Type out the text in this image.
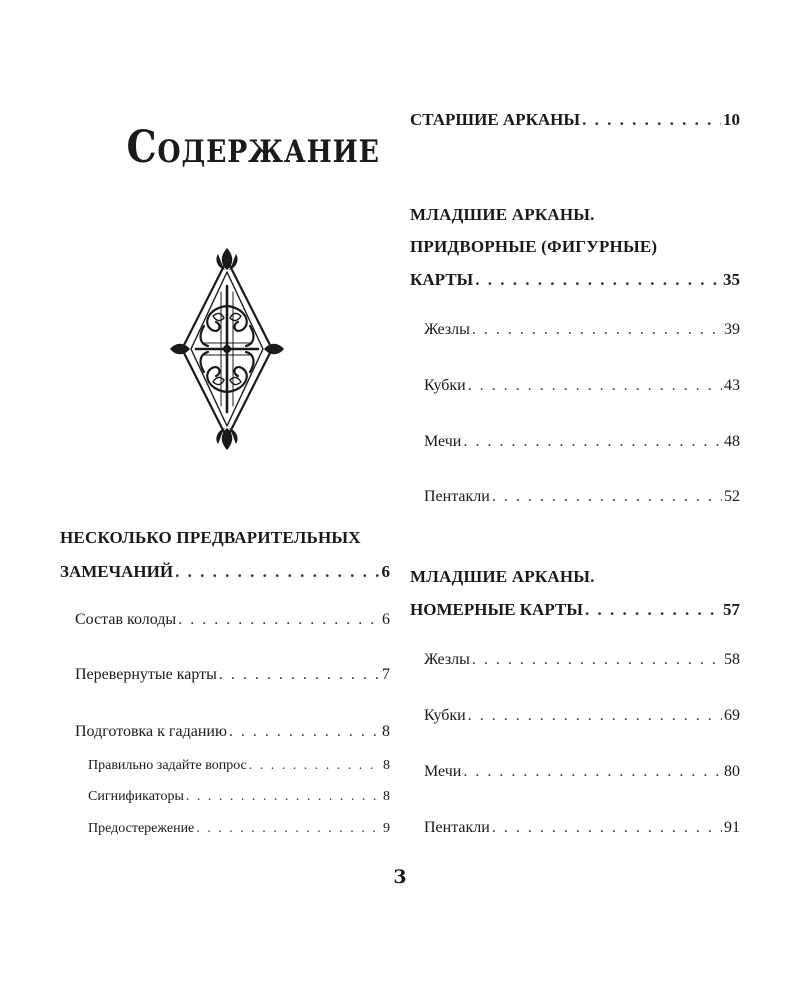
Содержание
НЕСКОЛЬКО ПРЕДВАРИТЕЛЬНЫХ
ЗАМЕЧАНИЙ . . .	6
Состав колоды . . .	6
Перевернутые карты . . .	7
Подготовка к гаданию . . .	8
Правильно задайте вопрос . . .	8
Сигнификаторы . . .	8
Предостережение . . .	9
СТАРШИЕ АРКАНЫ . . .	10
МЛАДШИЕ АРКАНЫ.
ПРИДВОРНЫЕ (ФИГУРНЫЕ)
КАРТЫ . . .	35
Жезлы . . .	39
Кубки . . .	43
Мечи . . .	48
Пентакли . . .	52
МЛАДШИЕ АРКАНЫ.
НОМЕРНЫЕ КАРТЫ . . .	57
Жезлы . . .	58
Кубки . . .	69
Мечи . . .	80
Пентакли . . .	91
3
